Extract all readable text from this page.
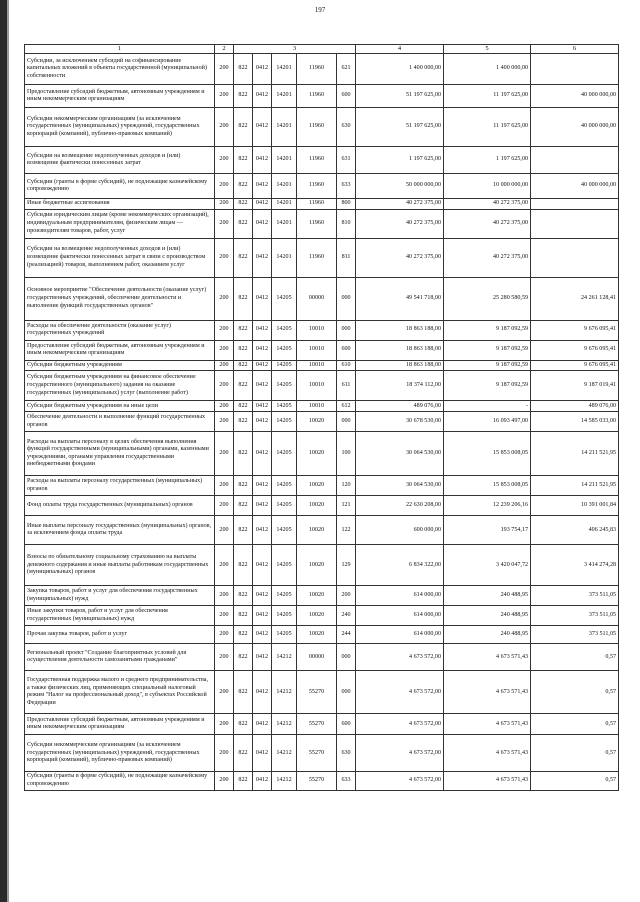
197
1	2	3					4	5	6
Субсидии, за исключением субсидий на софинансирование капитальных вложений в объекты государственной (муниципальной) собственности	200	822	0412	14201	11960	621	1 400 000,00	1 400 000,00	
Предоставление субсидий бюджетным, автономным учреждениям и иным некоммерческим организациям	200	822	0412	14201	11960	600	51 197 625,00	11 197 625,00	40 000 000,00
Субсидии некоммерческим организациям (за исключением государственных (муниципальных) учреждений, государственных корпораций (компаний), публично-правовых компаний)	200	822	0412	14201	11960	630	51 197 625,00	11 197 625,00	40 000 000,00
Субсидии на возмещение недополученных доходов и (или) возмещение фактически понесенных затрат	200	822	0412	14201	11960	631	1 197 625,00	1 197 625,00	
Субсидии (гранты в форме субсидий), не подлежащие казначейскому сопровождению	200	822	0412	14201	11960	633	50 000 000,00	10 000 000,00	40 000 000,00
Иные бюджетные ассигнования	200	822	0412	14201	11960	800	40 272 375,00	40 272 375,00	
Субсидии юридическим лицам (кроме некоммерческих организаций), индивидуальным предпринимателям, физическим лицам — производителям товаров, работ, услуг	200	822	0412	14201	11960	810	40 272 375,00	40 272 375,00	
Субсидии на возмещение недополученных доходов и (или) возмещение фактически понесенных затрат в связи с производством (реализацией) товаров, выполнением работ, оказанием услуг	200	822	0412	14201	11960	811	40 272 375,00	40 272 375,00	
Основное мероприятие "Обеспечение деятельности (оказание услуг) государственных учреждений, обеспечение деятельности и выполнение функций государственных органов"	200	822	0412	14205	00000	000	49 541 718,00	25 280 580,59	24 261 128,41
Расходы на обеспечение деятельности (оказание услуг) государственных учреждений	200	822	0412	14205	10010	000	18 863 188,00	9 187 092,59	9 676 095,41
Предоставление субсидий бюджетным, автономным учреждениям и иным некоммерческим организациям	200	822	0412	14205	10010	600	18 863 188,00	9 187 092,59	9 676 095,41
Субсидии бюджетным учреждениям	200	822	0412	14205	10010	610	18 863 188,00	9 187 092,59	9 676 095,41
Субсидии бюджетным учреждениям на финансовое обеспечение государственного (муниципального) задания на оказание государственных (муниципальных) услуг (выполнение работ)	200	822	0412	14205	10010	611	18 374 112,00	9 187 092,59	9 187 019,41
Субсидии бюджетным учреждениям на иные цели	200	822	0412	14205	10010	612	489 076,00	-	489 076,00
Обеспечение деятельности и выполнение функций государственных органов	200	822	0412	14205	10020	000	30 678 530,00	16 093 497,00	14 585 033,00
Расходы на выплаты персоналу в целях обеспечения выполнения функций государственными (муниципальными) органами, казенными учреждениями, органами управления государственными внебюджетными фондами	200	822	0412	14205	10020	100	30 064 530,00	15 853 008,05	14 211 521,95
Расходы на выплаты персоналу государственных (муниципальных) органов	200	822	0412	14205	10020	120	30 064 530,00	15 853 008,05	14 211 521,95
Фонд оплаты труда государственных (муниципальных) органов	200	822	0412	14205	10020	121	22 630 208,00	12 239 206,16	10 391 001,84
Иные выплаты персоналу государственных (муниципальных) органов, за исключением фонда оплаты труда	200	822	0412	14205	10020	122	600 000,00	193 754,17	406 245,83
Взносы по обязательному социальному страхованию на выплаты денежного содержания и иные выплаты работникам государственных (муниципальных) органов	200	822	0412	14205	10020	129	6 834 322,00	3 420 047,72	3 414 274,28
Закупка товаров, работ и услуг для обеспечения государственных (муниципальных) нужд	200	822	0412	14205	10020	200	614 000,00	240 488,95	373 511,05
Иные закупки товаров, работ и услуг для обеспечения государственных (муниципальных) нужд	200	822	0412	14205	10020	240	614 000,00	240 488,95	373 511,05
Прочая закупка товаров, работ и услуг	200	822	0412	14205	10020	244	614 000,00	240 488,95	373 511,05
Региональный проект "Создание благоприятных условий для осуществления деятельности самозанятыми гражданами"	200	822	0412	14212	00000	000	4 673 572,00	4 673 571,43	0,57
Государственная поддержка малого и среднего предпринимательства, а также физических лиц, применяющих специальный налоговый режим "Налог на профессиональный доход", в субъектах Российской Федерации	200	822	0412	14212	55270	000	4 673 572,00	4 673 571,43	0,57
Предоставление субсидий бюджетным, автономным учреждениям и иным некоммерческим организациям	200	822	0412	14212	55270	600	4 673 572,00	4 673 571,43	0,57
Субсидии некоммерческим организациям (за исключением государственных (муниципальных) учреждений, государственных корпораций (компаний), публично-правовых компаний)	200	822	0412	14212	55270	630	4 673 572,00	4 673 571,43	0,57
Субсидии (гранты в форме субсидий), не подлежащие казначейскому сопровождению	200	822	0412	14212	55270	633	4 673 572,00	4 673 571,43	0,57
